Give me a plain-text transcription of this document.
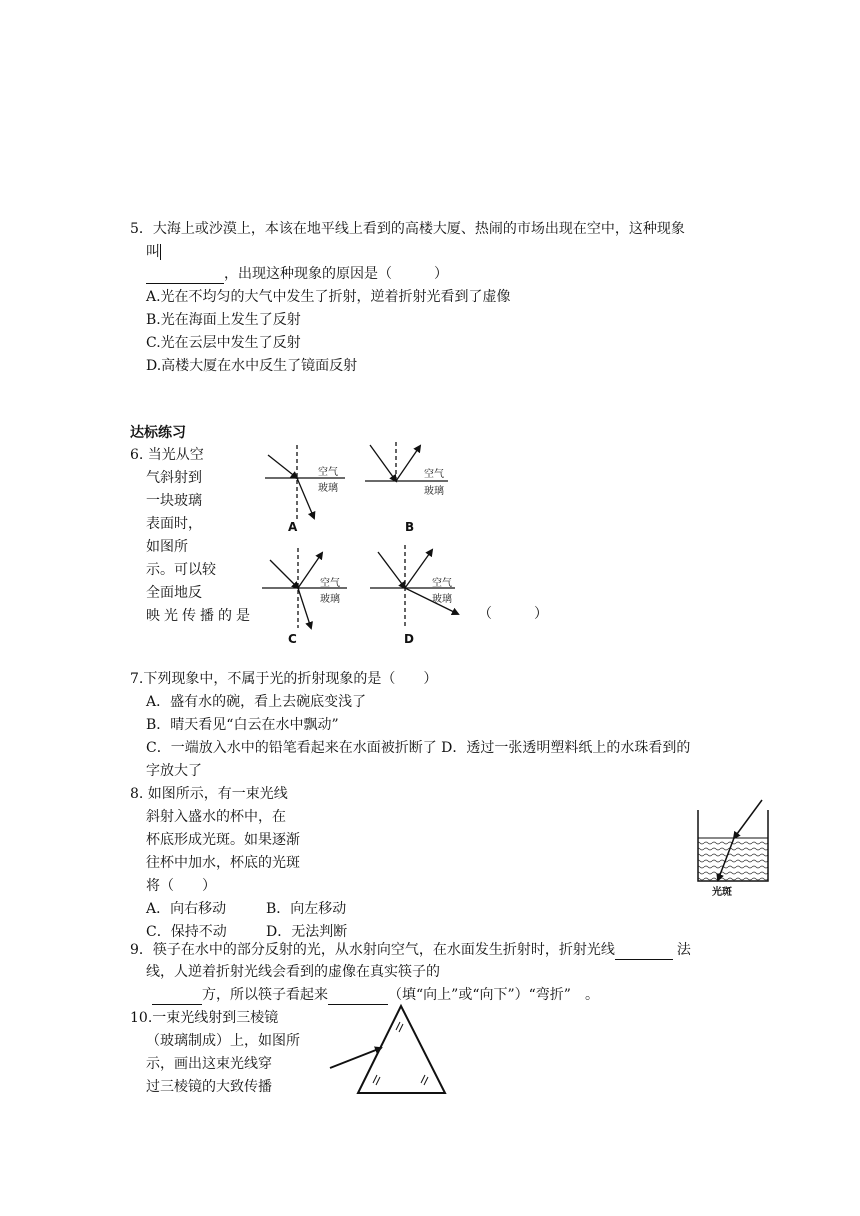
5．大海上或沙漠上，本该在地平线上看到的高楼大厦、热闹的市场出现在空中，这种现象
叫
，出现这种现象的原因是（　　　）
A.光在不均匀的大气中发生了折射，逆着折射光看到了虚像
B.光在海面上发生了反射
C.光在云层中发生了反射
D.高楼大厦在水中反生了镜面反射
达标练习
6. 当光从空
气斜射到
一块玻璃
表面时，
如图所
示。可以较
全面地反
映光传播的是	（　　　）
空气
玻璃
空气
玻璃
空气
玻璃
空气
玻璃
A	B
C	D
7.下列现象中，不属于光的折射现象的是（　　）
A．盛有水的碗，看上去碗底变浅了
B．晴天看见“白云在水中飘动”
C．一端放入水中的铅笔看起来在水面被折断了 D．透过一张透明塑料纸上的水珠看到的
字放大了
8. 如图所示，有一束光线
斜射入盛水的杯中，在
杯底形成光斑。如果逐渐
往杯中加水，杯底的光斑
将（　　）
A．向右移动	B．向左移动
C．保持不动	D．无法判断
光斑
9．筷子在水中的部分反射的光，从水射向空气，在水面发生折射时，折射光线	法
线，人逆着折射光线会看到的虚像在真实筷子的
方，所以筷子看起来	（填“向上”或“向下”）“弯折”　。
10.一束光线射到三棱镜
（玻璃制成）上，如图所
示，画出这束光线穿
过三棱镜的大致传播
